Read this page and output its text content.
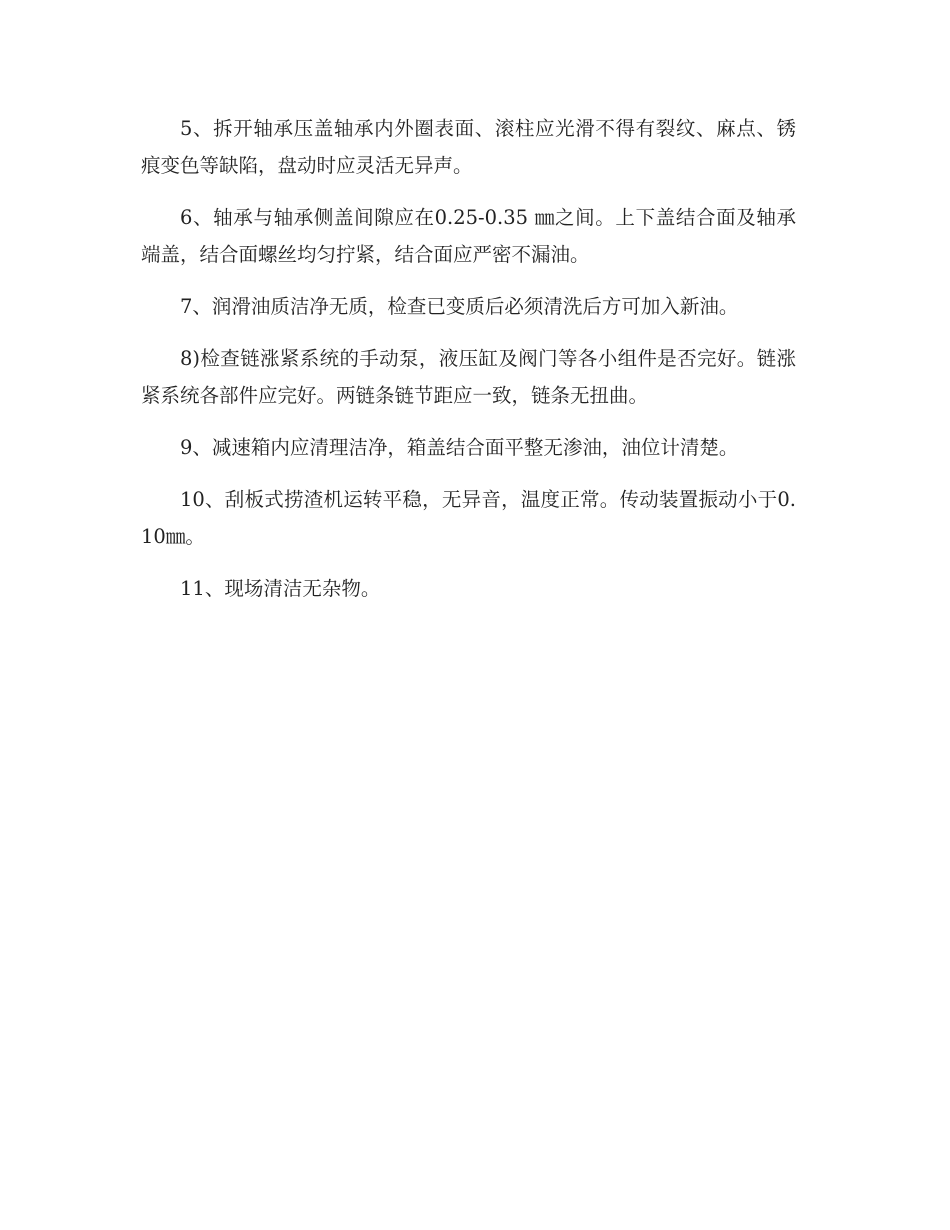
5、拆开轴承压盖轴承内外圈表面、滚柱应光滑不得有裂纹、麻点、锈痕变色等缺陷，盘动时应灵活无异声。

6、轴承与轴承侧盖间隙应在0.25-0.35 ㎜之间。上下盖结合面及轴承端盖，结合面螺丝均匀拧紧，结合面应严密不漏油。

7、润滑油质洁净无质，检查已变质后必须清洗后方可加入新油。

8)检查链涨紧系统的手动泵，液压缸及阀门等各小组件是否完好。链涨紧系统各部件应完好。两链条链节距应一致，链条无扭曲。

9、减速箱内应清理洁净，箱盖结合面平整无渗油，油位计清楚。

10、刮板式捞渣机运转平稳，无异音，温度正常。传动装置振动小于0.10㎜。

11、现场清洁无杂物。
